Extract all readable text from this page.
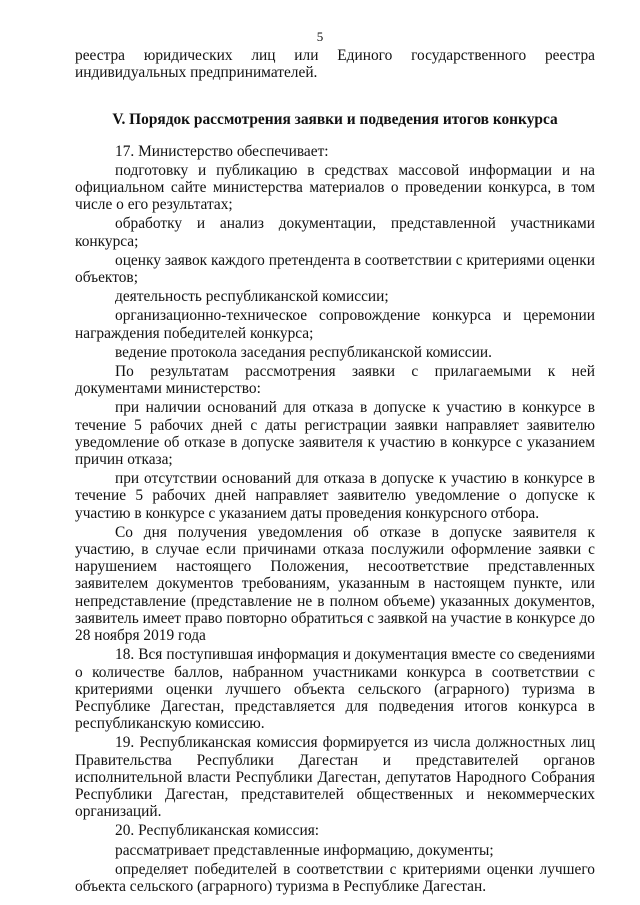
5

реестра юридических лиц или Единого государственного реестра индивидуальных предпринимателей.

V. Порядок рассмотрения заявки и подведения итогов конкурса

17. Министерство обеспечивает:

подготовку и публикацию в средствах массовой информации и на официальном сайте министерства материалов о проведении конкурса, в том числе о его результатах;

обработку и анализ документации, представленной участниками конкурса;

оценку заявок каждого претендента в соответствии с критериями оценки объектов;

деятельность республиканской комиссии;

организационно-техническое сопровождение конкурса и церемонии награждения победителей конкурса;

ведение протокола заседания республиканской комиссии.

По результатам рассмотрения заявки с прилагаемыми к ней документами министерство:

при наличии оснований для отказа в допуске к участию в конкурсе в течение 5 рабочих дней с даты регистрации заявки направляет заявителю уведомление об отказе в допуске заявителя к участию в конкурсе с указанием причин отказа;

при отсутствии оснований для отказа в допуске к участию в конкурсе в течение 5 рабочих дней направляет заявителю уведомление о допуске к участию в конкурсе с указанием даты проведения конкурсного отбора.

Со дня получения уведомления об отказе в допуске заявителя к участию, в случае если причинами отказа послужили оформление заявки с нарушением настоящего Положения, несоответствие представленных заявителем документов требованиям, указанным в настоящем пункте, или непредставление (представление не в полном объеме) указанных документов, заявитель имеет право повторно обратиться с заявкой на участие в конкурсе до 28 ноября 2019 года

18. Вся поступившая информация и документация вместе со сведениями о количестве баллов, набранном участниками конкурса в соответствии с критериями оценки лучшего объекта сельского (аграрного) туризма в Республике Дагестан, представляется для подведения итогов конкурса в республиканскую комиссию.

19. Республиканская комиссия формируется из числа должностных лиц Правительства Республики Дагестан и представителей органов исполнительной власти Республики Дагестан, депутатов Народного Собрания Республики Дагестан, представителей общественных и некоммерческих организаций.

20. Республиканская комиссия:

рассматривает представленные информацию, документы;

определяет победителей в соответствии с критериями оценки лучшего объекта сельского (аграрного) туризма в Республике Дагестан.
